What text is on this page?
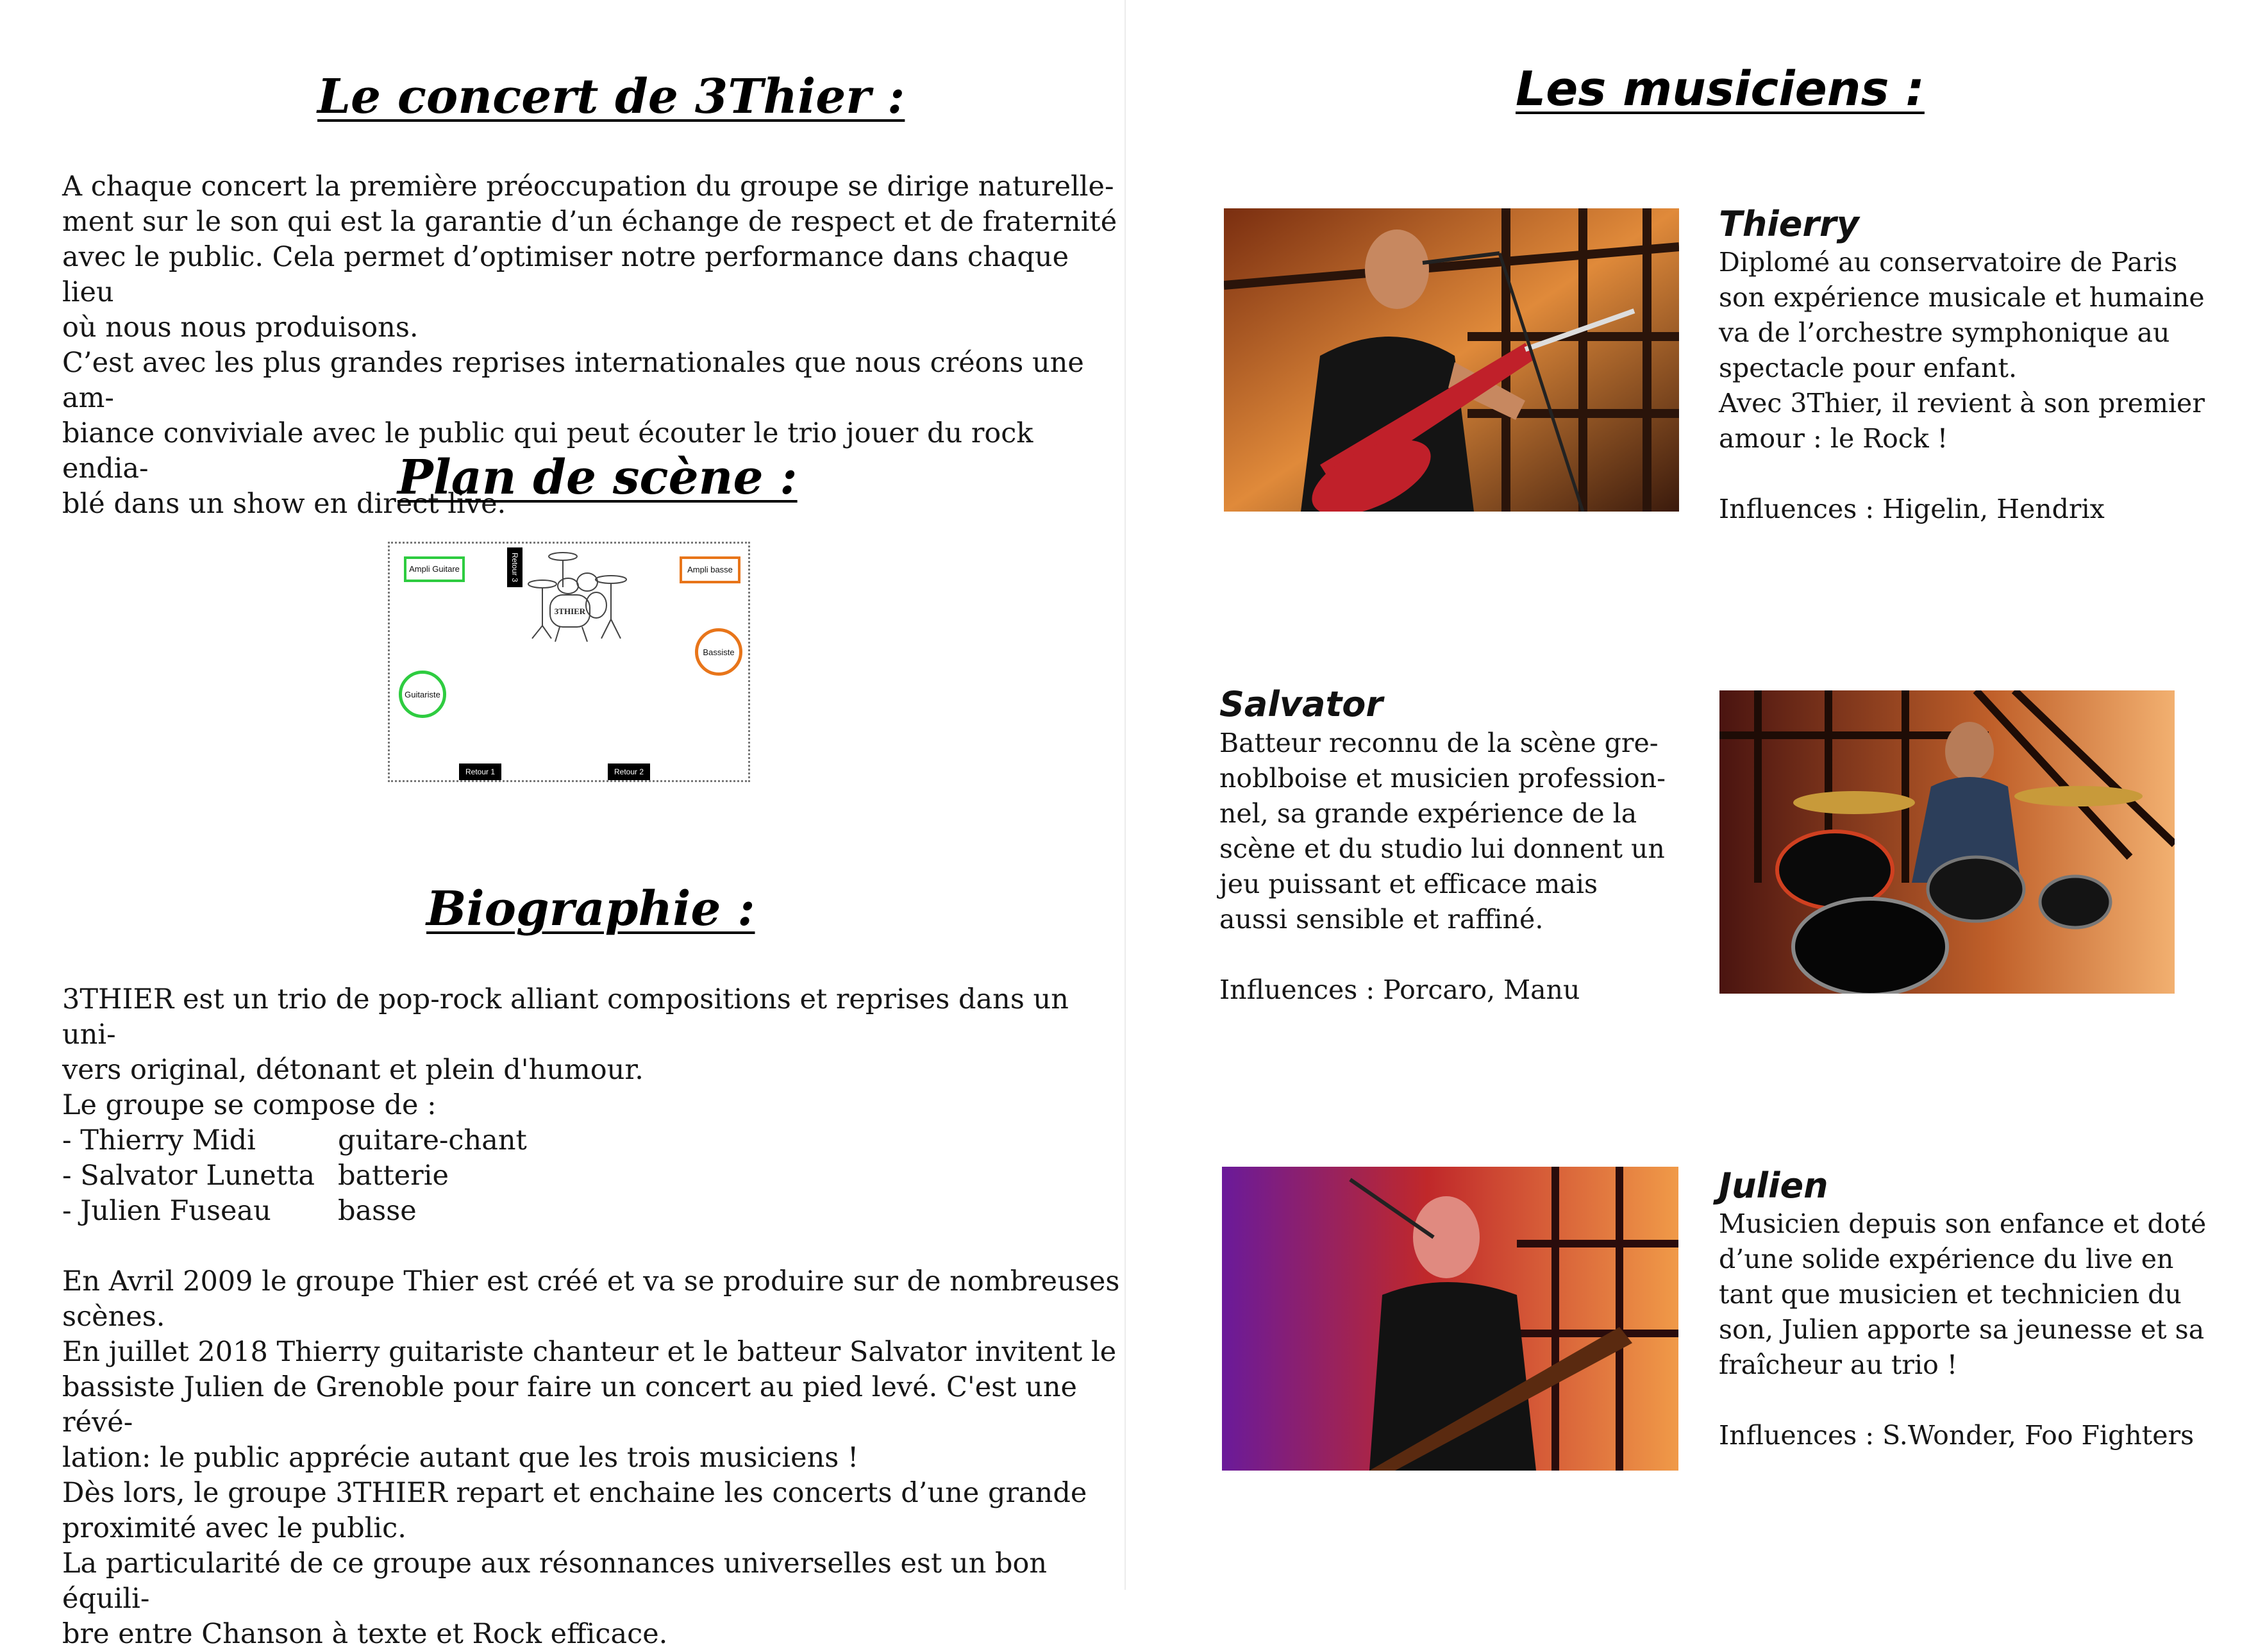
Le concert de 3Thier :

A chaque concert la première préoccupation du groupe se dirige naturelle-

ment sur le son qui est la garantie d’un échange de respect et de fraternité

avec le public. Cela permet d’optimiser notre performance dans chaque lieu

où nous nous produisons.

C’est avec les plus grandes reprises internationales que nous créons une am-

biance conviviale avec le public qui peut écouter le trio jouer du rock endia-

blé dans un show en direct live.

Plan de scène :
Ampli Guitare	Ampli basse
Retour 3
3THIER
Bassiste
Guitariste
Retour 1	Retour 2
Biographie :

3THIER est un trio de pop-rock alliant compositions et reprises dans un uni-

vers original, détonant et plein d'humour.

Le groupe se compose de :

- Thierry Midi	guitare-chant
- Salvator Lunetta batterie
- Julien Fuseau	basse

En Avril 2009 le groupe Thier est créé et va se produire sur de nombreuses

scènes.

En juillet 2018 Thierry guitariste chanteur et le batteur Salvator invitent le

bassiste Julien de Grenoble pour faire un concert au pied levé. C'est une révé-

lation: le public apprécie autant que les trois musiciens !

Dès lors, le groupe 3THIER repart et enchaine les concerts d’une grande

proximité avec le public.

La particularité de ce groupe aux résonnances universelles est un bon équili-

bre entre Chanson à texte et Rock efficace.

Les musiciens :
Thierry

Diplomé au conservatoire de Paris

son expérience musicale et humaine

va de l’orchestre symphonique au

spectacle pour enfant.

Avec 3Thier, il revient à son premier

amour : le Rock !

Influences : Higelin, Hendrix

Salvator

Batteur reconnu de la scène gre-

noblboise et musicien profession-

nel, sa grande expérience de la

scène et du studio lui donnent un

jeu puissant et efficace mais

aussi sensible et raffiné.

Influences : Porcaro, Manu

Julien

Musicien depuis son enfance et doté

d’une solide expérience du live en

tant que musicien et technicien du

son, Julien apporte sa jeunesse et sa

fraîcheur au trio !

Influences : S.Wonder, Foo Fighters
